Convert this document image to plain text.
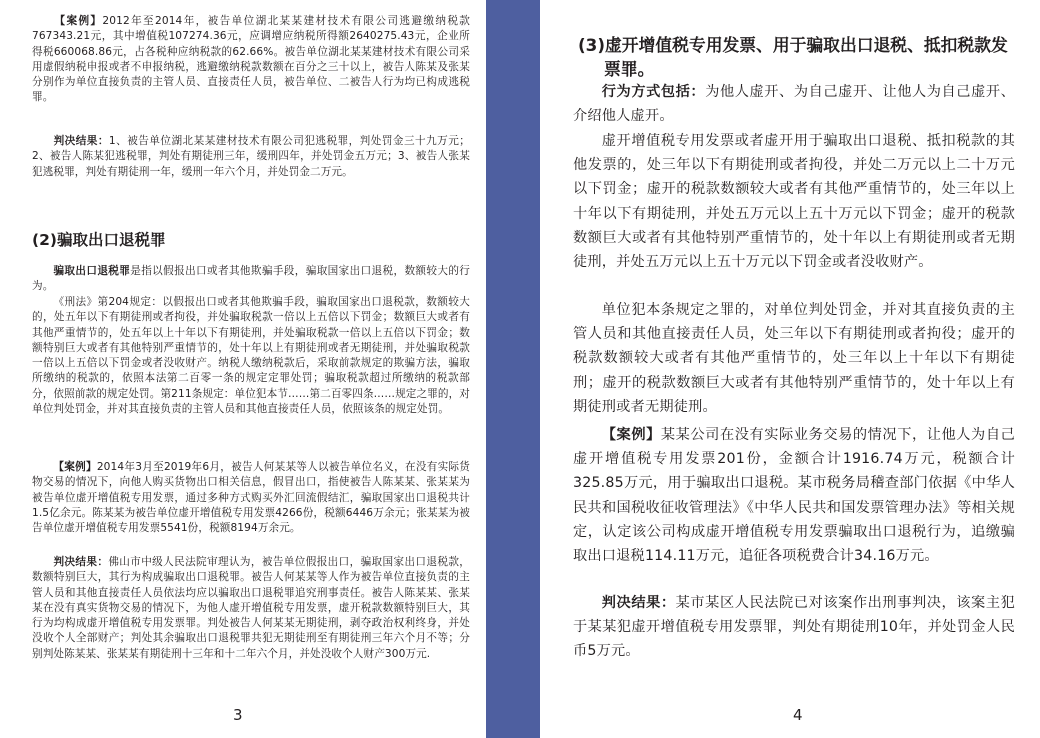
【案例】2012年至2014年，被告单位湖北某某建材技术有限公司逃避缴纳税款767343.21元，其中增值税107274.36元，应调增应纳税所得额2640275.43元，企业所得税660068.86元，占各税种应纳税款的62.66%。被告单位湖北某某建材技术有限公司采用虚假纳税申报或者不申报纳税，逃避缴纳税款数额在百分之三十以上，被告人陈某及张某分别作为单位直接负责的主管人员、直接责任人员，被告单位、二被告人行为均已构成逃税罪。

判决结果：1、被告单位湖北某某建材技术有限公司犯逃税罪，判处罚金三十九万元；2、被告人陈某犯逃税罪，判处有期徒刑三年，缓刑四年，并处罚金五万元；3、被告人张某犯逃税罪，判处有期徒刑一年，缓刑一年六个月，并处罚金二万元。

(2)骗取出口退税罪

骗取出口退税罪是指以假报出口或者其他欺骗手段，骗取国家出口退税，数额较大的行为。

《刑法》第204规定：以假报出口或者其他欺骗手段，骗取国家出口退税款，数额较大的，处五年以下有期徒刑或者拘役，并处骗取税款一倍以上五倍以下罚金；数额巨大或者有其他严重情节的，处五年以上十年以下有期徒刑，并处骗取税款一倍以上五倍以下罚金；数额特别巨大或者有其他特别严重情节的，处十年以上有期徒刑或者无期徒刑，并处骗取税款一倍以上五倍以下罚金或者没收财产。纳税人缴纳税款后，采取前款规定的欺骗方法，骗取所缴纳的税款的，依照本法第二百零一条的规定定罪处罚；骗取税款超过所缴纳的税款部分，依照前款的规定处罚。第211条规定：单位犯本节……第二百零四条……规定之罪的，对单位判处罚金，并对其直接负责的主管人员和其他直接责任人员，依照该条的规定处罚。

【案例】2014年3月至2019年6月，被告人何某某等人以被告单位名义，在没有实际货物交易的情况下，向他人购买货物出口相关信息，假冒出口，指使被告人陈某某、张某某为被告单位虚开增值税专用发票，通过多种方式购买外汇回流假结汇，骗取国家出口退税共计1.5亿余元。陈某某为被告单位虚开增值税专用发票4266份，税额6446万余元；张某某为被告单位虚开增值税专用发票5541份，税额8194万余元。

判决结果：佛山市中级人民法院审理认为，被告单位假报出口，骗取国家出口退税款，数额特别巨大，其行为构成骗取出口退税罪。被告人何某某等人作为被告单位直接负责的主管人员和其他直接责任人员依法均应以骗取出口退税罪追究刑事责任。被告人陈某某、张某某在没有真实货物交易的情况下，为他人虚开增值税专用发票，虚开税款数额特别巨大，其行为均构成虚开增值税专用发票罪。判处被告人何某某无期徒刑，剥夺政治权利终身，并处没收个人全部财产；判处其余骗取出口退税罪共犯无期徒刑至有期徒刑三年六个月不等；分别判处陈某某、张某某有期徒刑十三年和十二年六个月，并处没收个人财产300万元.

3
(3)虚开增值税专用发票、用于骗取出口退税、抵扣税款发票罪。

行为方式包括：为他人虚开、为自己虚开、让他人为自己虚开、介绍他人虚开。

虚开增值税专用发票或者虚开用于骗取出口退税、抵扣税款的其他发票的，处三年以下有期徒刑或者拘役，并处二万元以上二十万元以下罚金；虚开的税款数额较大或者有其他严重情节的，处三年以上十年以下有期徒刑，并处五万元以上五十万元以下罚金；虚开的税款数额巨大或者有其他特别严重情节的，处十年以上有期徒刑或者无期徒刑，并处五万元以上五十万元以下罚金或者没收财产。

单位犯本条规定之罪的，对单位判处罚金，并对其直接负责的主管人员和其他直接责任人员，处三年以下有期徒刑或者拘役；虚开的税款数额较大或者有其他严重情节的，处三年以上十年以下有期徒刑；虚开的税款数额巨大或者有其他特别严重情节的，处十年以上有期徒刑或者无期徒刑。

【案例】某某公司在没有实际业务交易的情况下，让他人为自己虚开增值税专用发票201份，金额合计1916.74万元，税额合计325.85万元，用于骗取出口退税。某市税务局稽查部门依据《中华人民共和国税收征收管理法》《中华人民共和国发票管理办法》等相关规定，认定该公司构成虚开增值税专用发票骗取出口退税行为，追缴骗取出口退税114.11万元，追征各项税费合计34.16万元。

判决结果：某市某区人民法院已对该案作出刑事判决，该案主犯于某某犯虚开增值税专用发票罪，判处有期徒刑10年，并处罚金人民币5万元。

4
